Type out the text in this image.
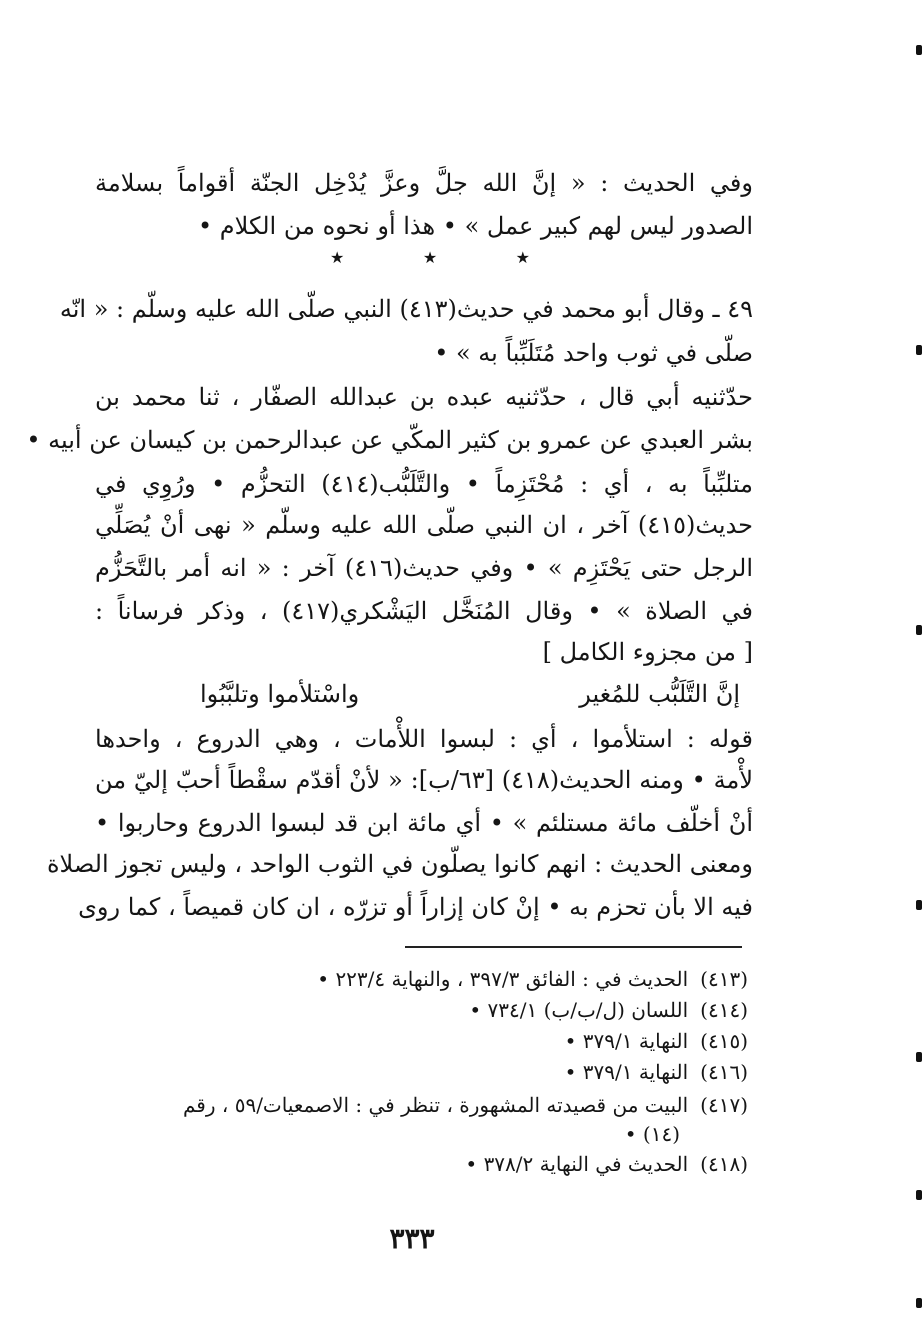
وفي الحديث : « إنَّ الله جلَّ وعزَّ يُدْخِل الجنّة أقواماً بسلامة
الصدور ليس لهم كبير عمل » • هذا أو نحوه من الكلام •
★	★	★
٤٩ ـ وقال أبو محمد في حديث(٤١٣) النبي صلّى الله عليه وسلّم : « انّه
صلّى في ثوب واحد مُتَلَبِّباً به » •
حدّثنيه أبي قال ، حدّثنيه عبده بن عبدالله الصفّار ، ثنا محمد بن
بشر العبدي عن عمرو بن كثير المكّي عن عبدالرحمن بن كيسان عن أبيه •
متلبِّباً به ، أي : مُحْتَزِماً • والتَّلَبُّب(٤١٤) التحزُّم • ورُوِي في
حديث(٤١٥) آخر ، ان النبي صلّى الله عليه وسلّم « نهى أنْ يُصَلِّي
الرجل حتى يَحْتَزِم » • وفي حديث(٤١٦) آخر : « انه أمر بالتَّحَزُّم
في الصلاة » • وقال المُنَخَّل اليَشْكري(٤١٧) ، وذكر فرساناً :
[ من مجزوء الكامل ]
إنَّ التَّلَبُّب للمُغير
واسْتلأموا وتلبَّبُوا
قوله : استلأموا ، أي : لبسوا اللأْمات ، وهي الدروع ، واحدها
لأْمة • ومنه الحديث(٤١٨) [٦٣/ب]: « لأنْ أقدّم سقْطاً أحبّ إليّ من
أنْ أخلّف مائة مستلئم » • أي مائة ابن قد لبسوا الدروع وحاربوا •
ومعنى الحديث : انهم كانوا يصلّون في الثوب الواحد ، وليس تجوز الصلاة
فيه الا بأن تحزم به • إنْ كان إزاراً أو تزرّه ، ان كان قميصاً ، كما روى
(٤١٣)الحديث في : الفائق ٣٩٧/٣ ، والنهاية ٢٢٣/٤ •
(٤١٤)اللسان (ل/ب/ب) ٧٣٤/١ •
(٤١٥)النهاية ٣٧٩/١ •
(٤١٦)النهاية ٣٧٩/١ •
(٤١٧)البيت من قصيدته المشهورة ، تنظر في : الاصمعيات/٥٩ ، رقم
(١٤) •
(٤١٨)الحديث في النهاية ٣٧٨/٢ •
٣٣٣
